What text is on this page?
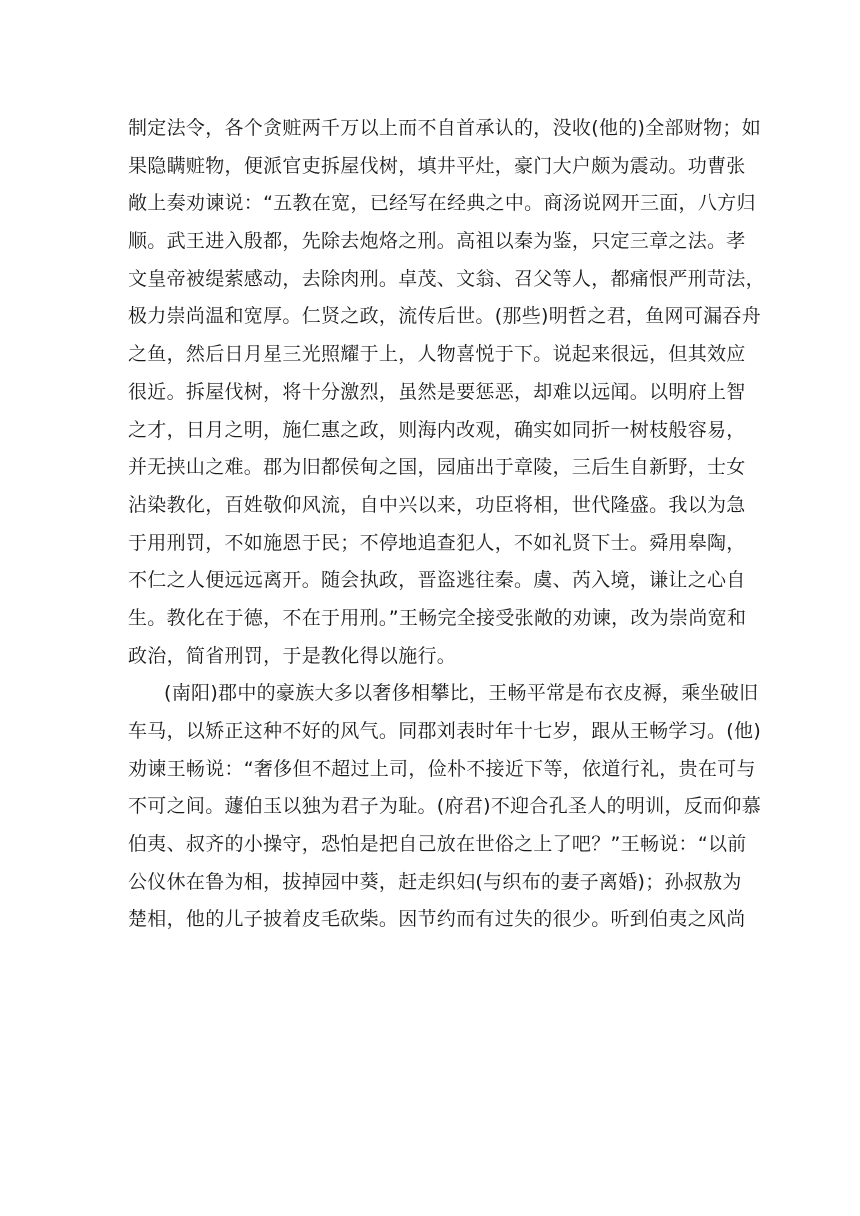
制定法令，各个贪赃两千万以上而不自首承认的，没收(他的)全部财物；如
果隐瞒赃物，便派官吏拆屋伐树，填井平灶，豪门大户颇为震动。功曹张
敞上奏劝谏说：“五教在宽，已经写在经典之中。商汤说网开三面，八方归
顺。武王进入殷都，先除去炮烙之刑。高祖以秦为鉴，只定三章之法。孝
文皇帝被缇萦感动，去除肉刑。卓茂、文翁、召父等人，都痛恨严刑苛法，
极力崇尚温和宽厚。仁贤之政，流传后世。(那些)明哲之君，鱼网可漏吞舟
之鱼，然后日月星三光照耀于上，人物喜悦于下。说起来很远，但其效应
很近。拆屋伐树，将十分激烈，虽然是要惩恶，却难以远闻。以明府上智
之才，日月之明，施仁惠之政，则海内改观，确实如同折一树枝般容易，
并无挟山之难。郡为旧都侯甸之国，园庙出于章陵，三后生自新野，士女
沾染教化，百姓敬仰风流，自中兴以来，功臣将相，世代隆盛。我以为急
于用刑罚，不如施恩于民；不停地追查犯人，不如礼贤下士。舜用皋陶，
不仁之人便远远离开。随会执政，晋盗逃往秦。虞、芮入境，谦让之心自
生。教化在于德，不在于用刑。”王畅完全接受张敞的劝谏，改为崇尚宽和
政治，简省刑罚，于是教化得以施行。
(南阳)郡中的豪族大多以奢侈相攀比，王畅平常是布衣皮褥，乘坐破旧
车马，以矫正这种不好的风气。同郡刘表时年十七岁，跟从王畅学习。(他)
劝谏王畅说：“奢侈但不超过上司，俭朴不接近下等，依道行礼，贵在可与
不可之间。蘧伯玉以独为君子为耻。(府君)不迎合孔圣人的明训，反而仰慕
伯夷、叔齐的小操守，恐怕是把自己放在世俗之上了吧？”王畅说：“以前
公仪休在鲁为相，拔掉园中葵，赶走织妇(与织布的妻子离婚)；孙叔敖为
楚相，他的儿子披着皮毛砍柴。因节约而有过失的很少。听到伯夷之风尚
